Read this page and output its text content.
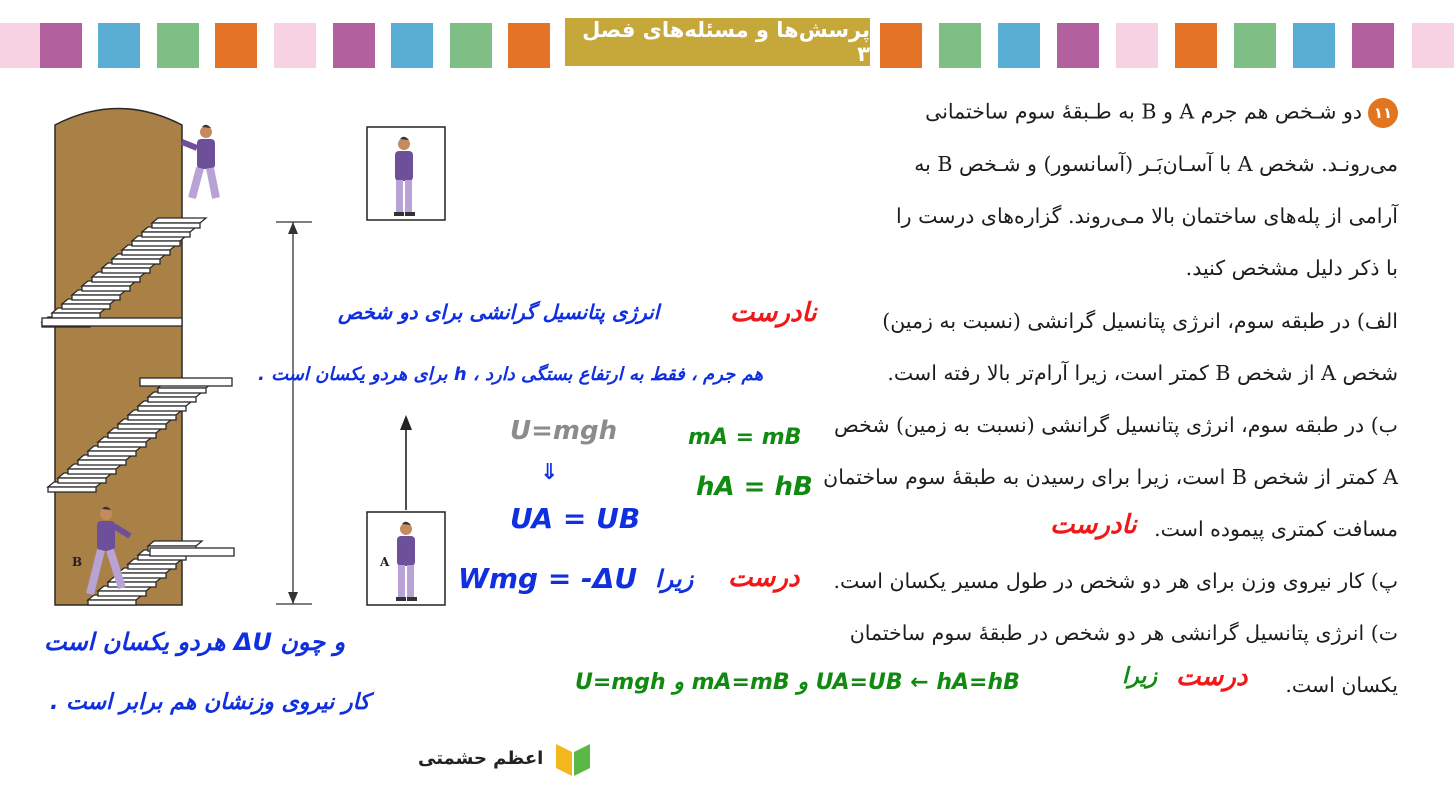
پرسش‌ها و مسئله‌های فصل ۳
B	A
۱۱دو شـخص هم جرم A و B به طـبقهٔ سوم ساختمانی
می‌رونـد. شخص A با آسـان‌بَـر (آسانسور) و شـخص B به
آرامی از پله‌های ساختمان بالا مـی‌روند. گزاره‌های درست را
با ذکر دلیل مشخص کنید.
الف) در طبقه سوم، انرژی پتانسیل گرانشی (نسبت به زمین)
شخص A از شخص B کمتر است، زیرا آرام‌تر بالا رفته است.
ب) در طبقه سوم، انرژی پتانسیل گرانشی (نسبت به زمین) شخص
A کمتر از شخص B است، زیرا برای رسیدن به طبقهٔ سوم ساختمان
مسافت کمتری پیموده است.
پ) کار نیروی وزن برای هر دو شخص در طول مسیر یکسان است.
ت) انرژی پتانسیل گرانشی هر دو شخص در طبقهٔ سوم ساختمان
یکسان است.
نادرست
انرژی پتانسیل گرانشی برای دو شخص
هم جرم ، فقط به ارتفاع بستگی دارد ، h برای هردو یکسان است .
U=mgh
⇓
UA = UB
mA = mB
hA = hB
نادرست
Wmg = -ΔU زیرا درست
و چون ΔU هردو یکسان است
کار نیروی وزنشان هم برابر است .
UA=UB ← hA=hB و mA=mB و U=mgh	زیرا درست
اعظم حشمتی
